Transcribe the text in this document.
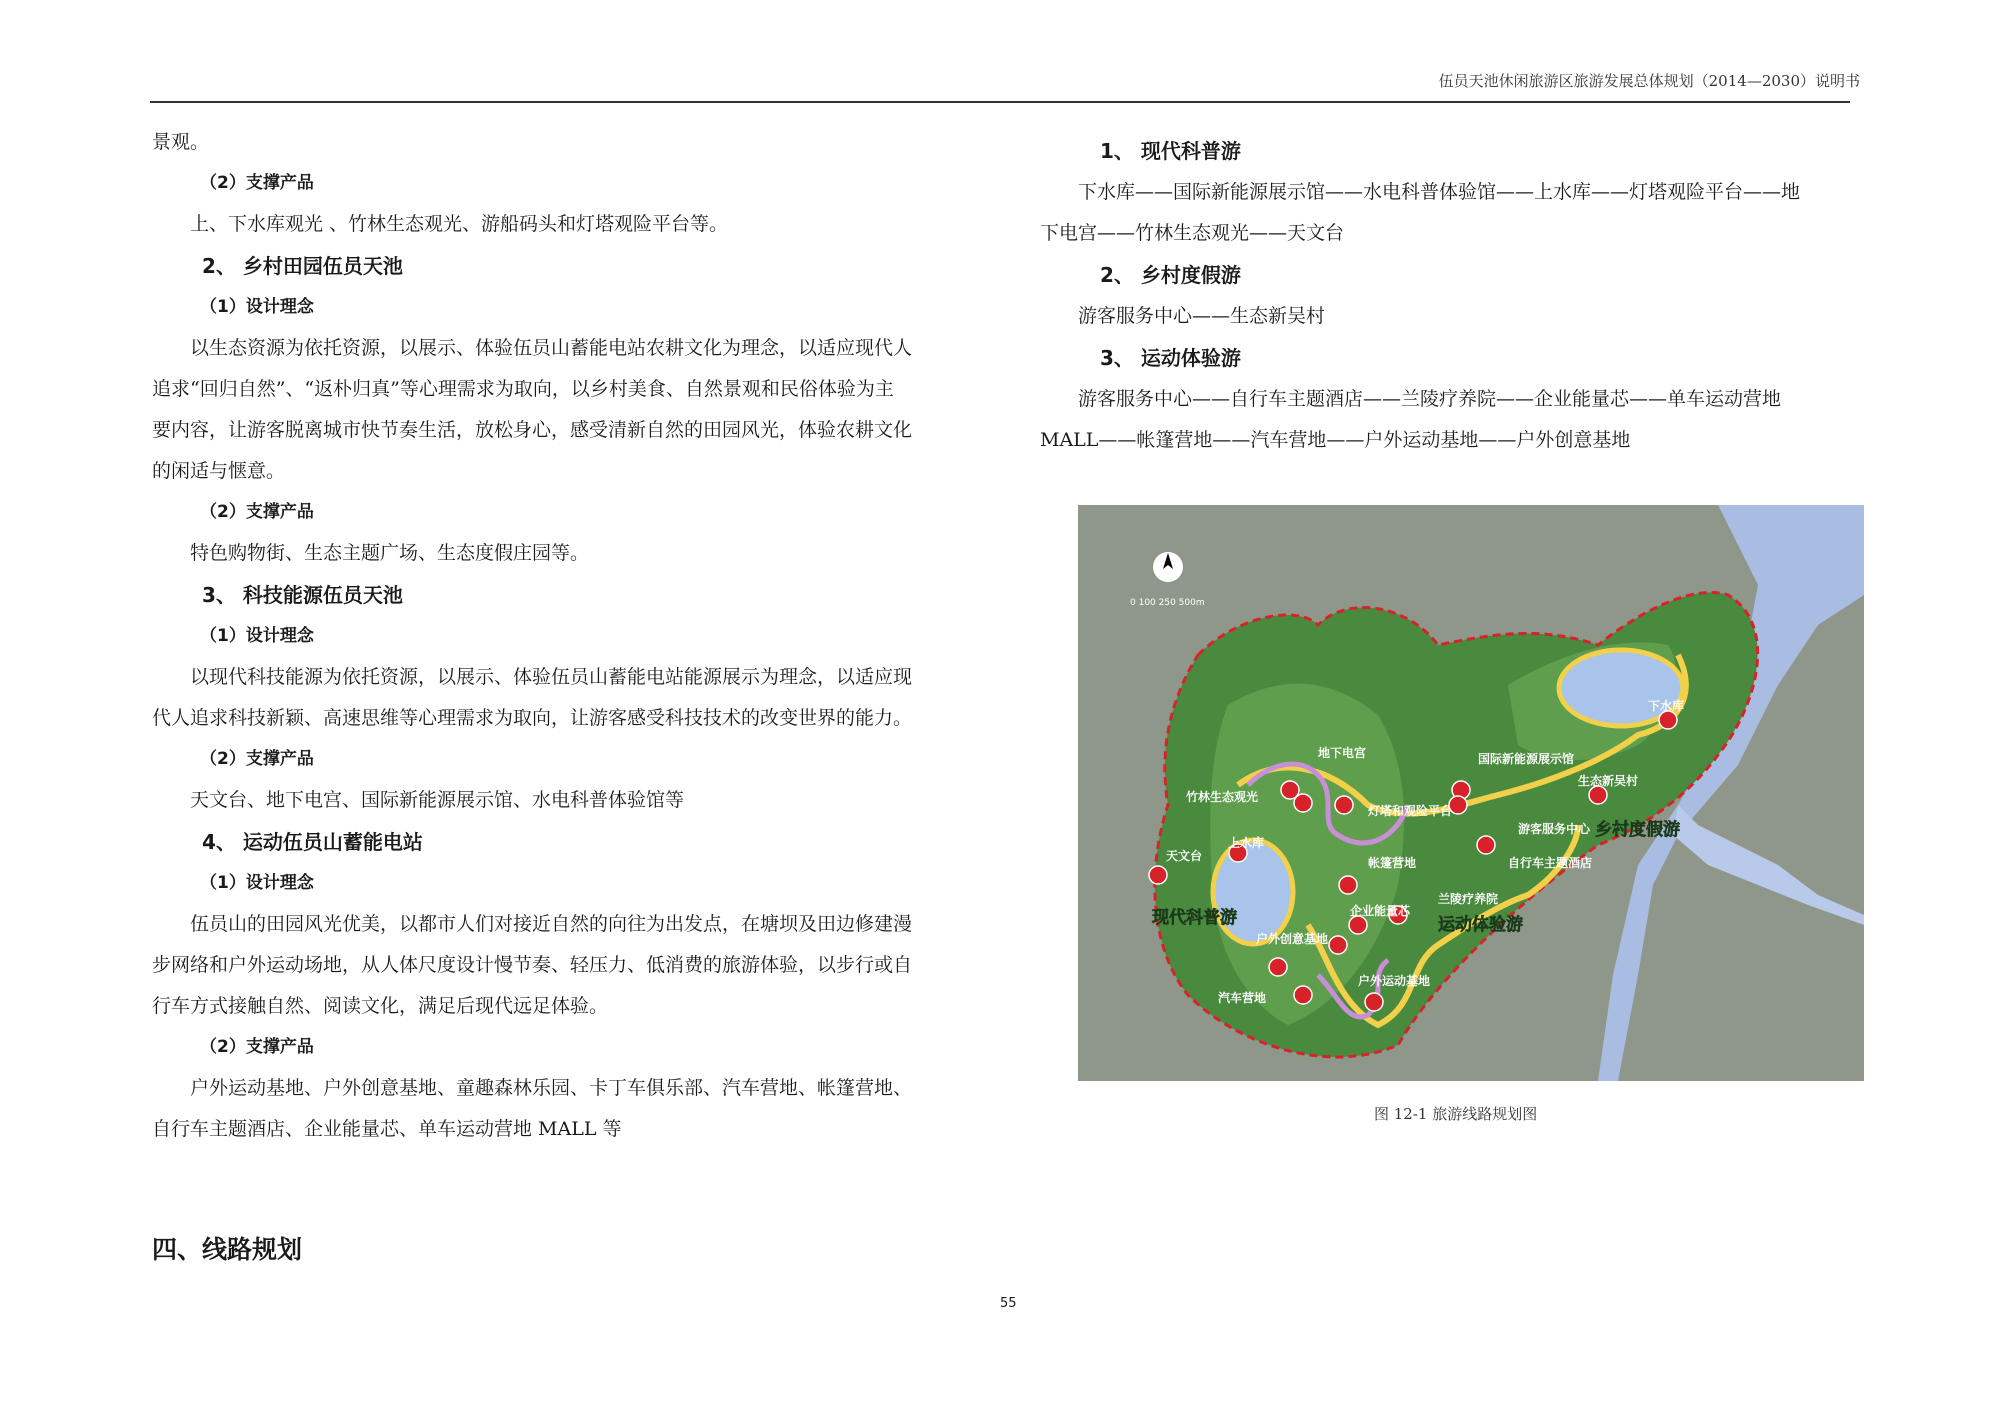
伍员天池休闲旅游区旅游发展总体规划（2014—2030）说明书

景观。

（2）支撑产品

上、下水库观光 、竹林生态观光、游船码头和灯塔观险平台等。

2、 乡村田园伍员天池

（1）设计理念

以生态资源为依托资源，以展示、体验伍员山蓄能电站农耕文化为理念，以适应现代人

追求“回归自然”、“返朴归真”等心理需求为取向，以乡村美食、自然景观和民俗体验为主

要内容，让游客脱离城市快节奏生活，放松身心，感受清新自然的田园风光，体验农耕文化

的闲适与惬意。

（2）支撑产品

特色购物街、生态主题广场、生态度假庄园等。

3、 科技能源伍员天池

（1）设计理念

以现代科技能源为依托资源，以展示、体验伍员山蓄能电站能源展示为理念，以适应现

代人追求科技新颖、高速思维等心理需求为取向，让游客感受科技技术的改变世界的能力。

（2）支撑产品

天文台、地下电宫、国际新能源展示馆、水电科普体验馆等

4、 运动伍员山蓄能电站

（1）设计理念

伍员山的田园风光优美，以都市人们对接近自然的向往为出发点，在塘坝及田边修建漫

步网络和户外运动场地，从人体尺度设计慢节奏、轻压力、低消费的旅游体验，以步行或自

行车方式接触自然、阅读文化，满足后现代远足体验。

（2）支撑产品

户外运动基地、户外创意基地、童趣森林乐园、卡丁车俱乐部、汽车营地、帐篷营地、

自行车主题酒店、企业能量芯、单车运动营地 MALL 等

四、线路规划

1、 现代科普游

下水库——国际新能源展示馆——水电科普体验馆——上水库——灯塔观险平台——地

下电宫——竹林生态观光——天文台

2、 乡村度假游

游客服务中心——生态新吴村

3、 运动体验游

游客服务中心——自行车主题酒店——兰陵疗养院——企业能量芯——单车运动营地

MALL——帐篷营地——汽车营地——户外运动基地——户外创意基地

0 100 250 500m
下水库
生态新吴村
国际新能源展示馆
游客服务中心
自行车主题酒店
地下电宫
竹林生态观光
灯塔和观险平台
上水库
天文台	帐篷营地
兰陵疗养院
企业能量芯
户外创意基地
汽车营地
户外运动基地
乡村度假游
运动体验游
现代科普游
图 12-1 旅游线路规划图
55
